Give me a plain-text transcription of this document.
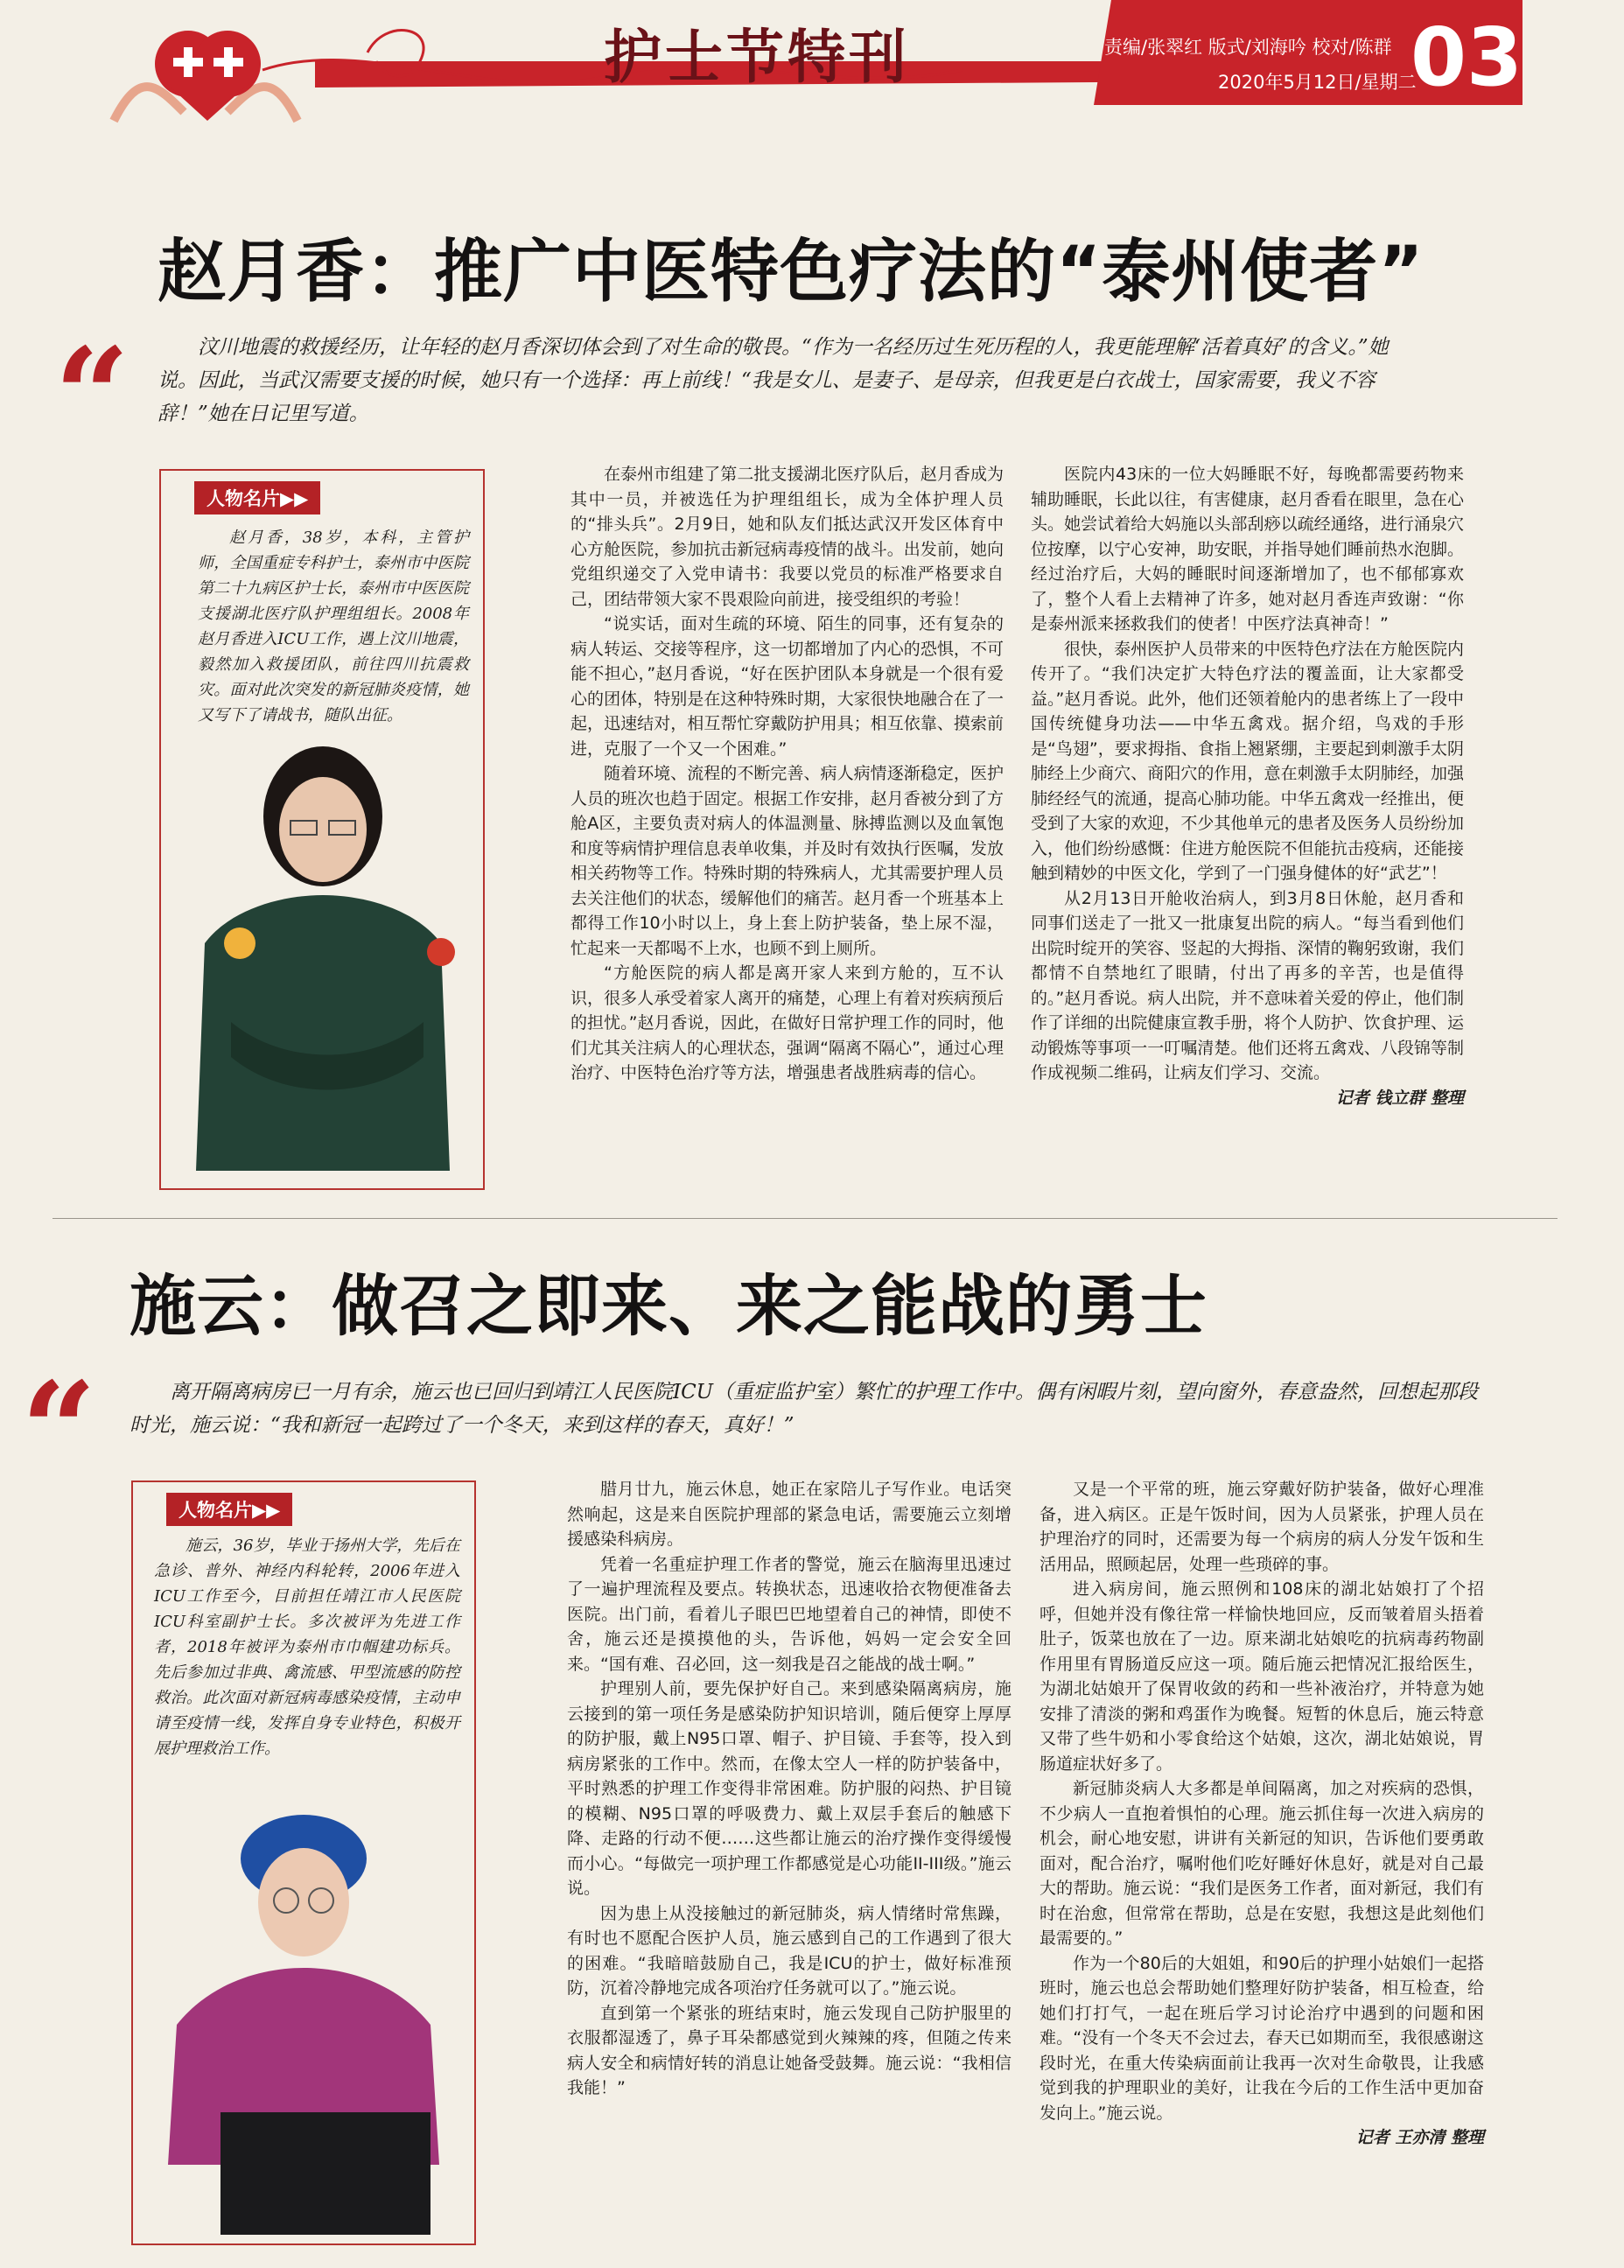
护士节特刊	责编/张翠红 版式/刘海吟 校对/陈群
2020年5月12日/星期二
03
赵月香：推广中医特色疗法的“泰州使者”
“	汶川地震的救援经历，让年轻的赵月香深切体会到了对生命的敬畏。“作为一名经历过生死历程的人，我更能理解‘活着真好’的含义。”她说。因此，当武汉需要支援的时候，她只有一个选择：再上前线！“我是女儿、是妻子、是母亲，但我更是白衣战士，国家需要，我义不容辞！”她在日记里写道。
人物名片▶▶
赵月香，38岁，本科，主管护师，全国重症专科护士，泰州市中医院第二十九病区护士长，泰州市中医医院支援湖北医疗队护理组组长。2008年赵月香进入ICU工作，遇上汶川地震，毅然加入救援团队，前往四川抗震救灾。面对此次突发的新冠肺炎疫情，她又写下了请战书，随队出征。

在泰州市组建了第二批支援湖北医疗队后，赵月香成为其中一员，并被选任为护理组组长，成为全体护理人员的“排头兵”。2月9日，她和队友们抵达武汉开发区体育中心方舱医院，参加抗击新冠病毒疫情的战斗。出发前，她向党组织递交了入党申请书：我要以党员的标准严格要求自己，团结带领大家不畏艰险向前进，接受组织的考验！

“说实话，面对生疏的环境、陌生的同事，还有复杂的病人转运、交接等程序，这一切都增加了内心的恐惧，不可能不担心，”赵月香说，“好在医护团队本身就是一个很有爱心的团体，特别是在这种特殊时期，大家很快地融合在了一起，迅速结对，相互帮忙穿戴防护用具；相互依靠、摸索前进，克服了一个又一个困难。”

随着环境、流程的不断完善、病人病情逐渐稳定，医护人员的班次也趋于固定。根据工作安排，赵月香被分到了方舱A区，主要负责对病人的体温测量、脉搏监测以及血氧饱和度等病情护理信息表单收集，并及时有效执行医嘱，发放相关药物等工作。特殊时期的特殊病人，尤其需要护理人员去关注他们的状态，缓解他们的痛苦。赵月香一个班基本上都得工作10小时以上，身上套上防护装备，垫上尿不湿，忙起来一天都喝不上水，也顾不到上厕所。

“方舱医院的病人都是离开家人来到方舱的，互不认识，很多人承受着家人离开的痛楚，心理上有着对疾病预后的担忧。”赵月香说，因此，在做好日常护理工作的同时，他们尤其关注病人的心理状态，强调“隔离不隔心”，通过心理治疗、中医特色治疗等方法，增强患者战胜病毒的信心。

医院内43床的一位大妈睡眠不好，每晚都需要药物来辅助睡眠，长此以往，有害健康，赵月香看在眼里，急在心头。她尝试着给大妈施以头部刮痧以疏经通络，进行涌泉穴位按摩，以宁心安神，助安眠，并指导她们睡前热水泡脚。经过治疗后，大妈的睡眠时间逐渐增加了，也不郁郁寡欢了，整个人看上去精神了许多，她对赵月香连声致谢：“你是泰州派来拯救我们的使者！中医疗法真神奇！”

很快，泰州医护人员带来的中医特色疗法在方舱医院内传开了。“我们决定扩大特色疗法的覆盖面，让大家都受益。”赵月香说。此外，他们还领着舱内的患者练上了一段中国传统健身功法——中华五禽戏。据介绍，鸟戏的手形是“鸟翅”，要求拇指、食指上翘紧绷，主要起到刺激手太阴肺经上少商穴、商阳穴的作用，意在刺激手太阴肺经，加强肺经经气的流通，提高心肺功能。中华五禽戏一经推出，便受到了大家的欢迎，不少其他单元的患者及医务人员纷纷加入，他们纷纷感慨：住进方舱医院不但能抗击疫病，还能接触到精妙的中医文化，学到了一门强身健体的好“武艺”！

从2月13日开舱收治病人，到3月8日休舱，赵月香和同事们送走了一批又一批康复出院的病人。“每当看到他们出院时绽开的笑容、竖起的大拇指、深情的鞠躬致谢，我们都情不自禁地红了眼睛，付出了再多的辛苦，也是值得的。”赵月香说。病人出院，并不意味着关爱的停止，他们制作了详细的出院健康宣教手册，将个人防护、饮食护理、运动锻炼等事项一一叮嘱清楚。他们还将五禽戏、八段锦等制作成视频二维码，让病友们学习、交流。

记者 钱立群 整理

施云：做召之即来、来之能战的勇士
“	离开隔离病房已一月有余，施云也已回归到靖江人民医院ICU（重症监护室）繁忙的护理工作中。偶有闲暇片刻，望向窗外，春意盎然，回想起那段时光，施云说：“我和新冠一起跨过了一个冬天，来到这样的春天，真好！”
人物名片▶▶
施云，36岁，毕业于扬州大学，先后在急诊、普外、神经内科轮转，2006年进入ICU工作至今，目前担任靖江市人民医院ICU科室副护士长。多次被评为先进工作者，2018年被评为泰州市巾帼建功标兵。先后参加过非典、禽流感、甲型流感的防控救治。此次面对新冠病毒感染疫情，主动申请至疫情一线，发挥自身专业特色，积极开展护理救治工作。

腊月廿九，施云休息，她正在家陪儿子写作业。电话突然响起，这是来自医院护理部的紧急电话，需要施云立刻增援感染科病房。

凭着一名重症护理工作者的警觉，施云在脑海里迅速过了一遍护理流程及要点。转换状态，迅速收拾衣物便准备去医院。出门前，看着儿子眼巴巴地望着自己的神情，即使不舍，施云还是摸摸他的头，告诉他，妈妈一定会安全回来。“国有难、召必回，这一刻我是召之能战的战士啊。”

护理别人前，要先保护好自己。来到感染隔离病房，施云接到的第一项任务是感染防护知识培训，随后便穿上厚厚的防护服，戴上N95口罩、帽子、护目镜、手套等，投入到病房紧张的工作中。然而，在像太空人一样的防护装备中，平时熟悉的护理工作变得非常困难。防护服的闷热、护目镜的模糊、N95口罩的呼吸费力、戴上双层手套后的触感下降、走路的行动不便……这些都让施云的治疗操作变得缓慢而小心。“每做完一项护理工作都感觉是心功能II-III级。”施云说。

因为患上从没接触过的新冠肺炎，病人情绪时常焦躁，有时也不愿配合医护人员，施云感到自己的工作遇到了很大的困难。“我暗暗鼓励自己，我是ICU的护士，做好标准预防，沉着冷静地完成各项治疗任务就可以了。”施云说。

直到第一个紧张的班结束时，施云发现自己防护服里的衣服都湿透了，鼻子耳朵都感觉到火辣辣的疼，但随之传来病人安全和病情好转的消息让她备受鼓舞。施云说：“我相信我能！”

又是一个平常的班，施云穿戴好防护装备，做好心理准备，进入病区。正是午饭时间，因为人员紧张，护理人员在护理治疗的同时，还需要为每一个病房的病人分发午饭和生活用品，照顾起居，处理一些琐碎的事。

进入病房间，施云照例和108床的湖北姑娘打了个招呼，但她并没有像往常一样愉快地回应，反而皱着眉头捂着肚子，饭菜也放在了一边。原来湖北姑娘吃的抗病毒药物副作用里有胃肠道反应这一项。随后施云把情况汇报给医生，为湖北姑娘开了保胃收敛的药和一些补液治疗，并特意为她安排了清淡的粥和鸡蛋作为晚餐。短暂的休息后，施云特意又带了些牛奶和小零食给这个姑娘，这次，湖北姑娘说，胃肠道症状好多了。

新冠肺炎病人大多都是单间隔离，加之对疾病的恐惧，不少病人一直抱着惧怕的心理。施云抓住每一次进入病房的机会，耐心地安慰，讲讲有关新冠的知识，告诉他们要勇敢面对，配合治疗，嘱咐他们吃好睡好休息好，就是对自己最大的帮助。施云说：“我们是医务工作者，面对新冠，我们有时在治愈，但常常在帮助，总是在安慰，我想这是此刻他们最需要的。”

作为一个80后的大姐姐，和90后的护理小姑娘们一起搭班时，施云也总会帮助她们整理好防护装备，相互检查，给她们打打气，一起在班后学习讨论治疗中遇到的问题和困难。“没有一个冬天不会过去，春天已如期而至，我很感谢这段时光，在重大传染病面前让我再一次对生命敬畏，让我感觉到我的护理职业的美好，让我在今后的工作生活中更加奋发向上。”施云说。

记者 王亦清 整理
